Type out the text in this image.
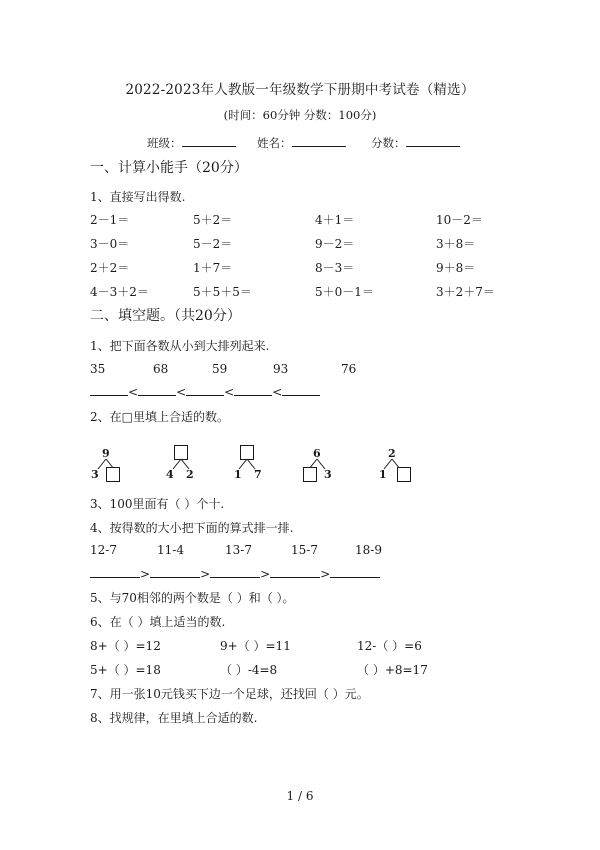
2022-2023年人教版一年级数学下册期中考试卷（精选）
(时间：60分钟 分数：100分)
班级：	姓名：	分数：
一、计算小能手（20分）
1、直接写出得数.
2－1＝	5＋2＝	4＋1＝	10－2＝
3－0＝	5－2＝	9－2＝	3＋8＝
2＋2＝	1＋7＝	8－3＝	9＋8＝
4－3＋2＝	5＋5＋5＝	5＋0－1＝	3＋2＋7＝
二、填空题。（共20分）
1、把下面各数从小到大排列起来.
35	68	59	93	76
<	<	<	<
2、在□里填上合适的数。
9
3	4 2	1 7
6
3
2
1
3、100里面有（ ）个十.
4、按得数的大小把下面的算式排一排.
12-7	11-4	13-7	15-7	18-9
>	>	>	>
5、与70相邻的两个数是（ ）和（ ）。
6、在（ ）填上适当的数.
8+（ ）=12	9+（ ）=11	12-（ ）=6
5+（ ）=18	（ ）-4=8	（ ）+8=17
7、用一张10元钱买下边一个足球，还找回（ ）元。
8、找规律，在里填上合适的数.
1 / 6
